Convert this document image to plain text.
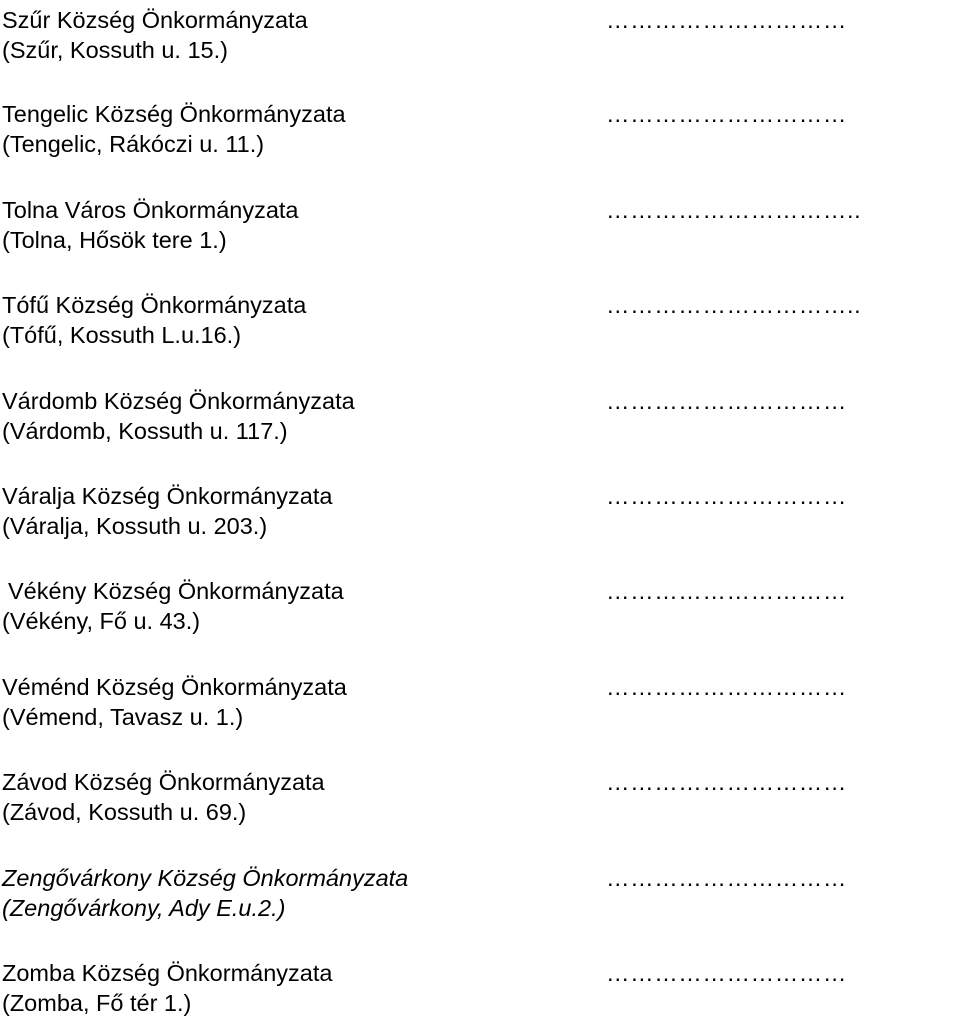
Szűr Község Önkormányzata
(Szűr, Kossuth u. 15.)
…………………………
Tengelic Község Önkormányzata
(Tengelic, Rákóczi u. 11.)
…………………………
Tolna Város Önkormányzata
(Tolna, Hősök tere 1.)
…………………………..
Tófű Község Önkormányzata
(Tófű, Kossuth L.u.16.)
…………………………..
Várdomb Község Önkormányzata
(Várdomb, Kossuth u. 117.)
…………………………
Váralja Község Önkormányzata
(Váralja, Kossuth u. 203.)
…………………………
Vékény Község Önkormányzata
(Vékény, Fő u. 43.)
…………………………
Véménd Község Önkormányzata
(Vémend, Tavasz u. 1.)
…………………………
Závod Község Önkormányzata
(Závod, Kossuth u. 69.)
…………………………
Zengővárkony Község Önkormányzata
(Zengővárkony, Ady E.u.2.)
…………………………
Zomba Község Önkormányzata
(Zomba, Fő tér 1.)
…………………………
